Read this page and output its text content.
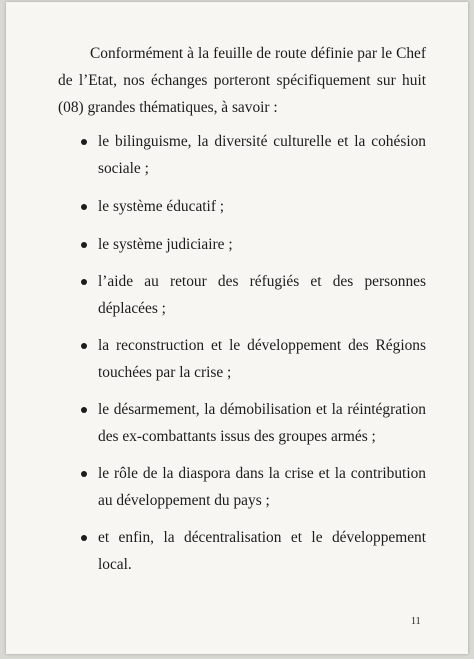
Conformément à la feuille de route définie par le Chef de l’Etat, nos échanges porteront spécifiquement sur huit (08) grandes thématiques, à savoir :

le bilinguisme, la diversité culturelle et la cohésion sociale ;
le système éducatif ;
le système judiciaire ;
l’aide au retour des réfugiés et des personnes déplacées ;
la reconstruction et le développement des Régions touchées par la crise ;
le désarmement, la démobilisation et la réintégration des ex-combattants issus des groupes armés ;
le rôle de la diaspora dans la crise et la contribution au développement du pays ;
et enfin, la décentralisation et le développement local.
11
